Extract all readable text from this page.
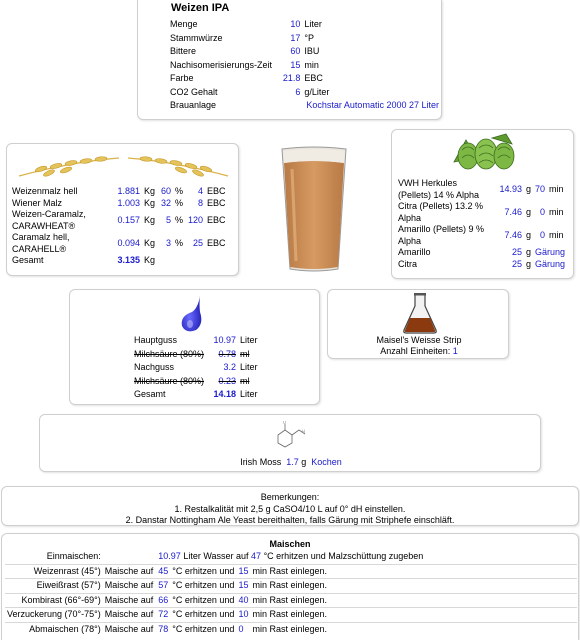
Weizen IPA
Menge	10	Liter
Stammwürze	17	°P
Bittere	60	IBU
Nachisomerisierungs-Zeit	15	min
Farbe	21.8	EBC
CO2 Gehalt	6	g/Liter
Brauanlage	Kochstar Automatic 2000 27 Liter	
Weizenmalz hell	1.881	Kg	60	%	4	EBC
Wiener Malz	1.003	Kg	32	%	8	EBC
Weizen-Caramalz, CARAWHEAT®	0.157	Kg	5	%	120	EBC
Caramalz hell, CARAHELL®	0.094	Kg	3	%	25	EBC
Gesamt	3.135	Kg				
VWH Herkules (Pellets) 14 % Alpha	14.93	g	70	min
Citra (Pellets) 13.2 % Alpha	7.46	g	0	min
Amarillo (Pellets) 9 % Alpha	7.46	g	0	min
Amarillo	25	g	Gärung	
Citra	25	g	Gärung	
Hauptguss	10.97	Liter
Milchsäure (80%)	0.78	ml
Nachguss	3.2	Liter
Milchsäure (80%)	0.23	ml
Gesamt	14.18	Liter
Maisel's Weisse Strip
Anzahl Einheiten: 1
O
H
Irish Moss 1.7 g Kochen
Bemerkungen:
1. Restalkalität mit 2,5 g CaSO4/10 L auf 0° dH einstellen.
2. Danstar Nottingham Ale Yeast bereithalten, falls Gärung mit Striphefe einschläft.
Maischen
Einmaischen:		10.97 Liter Wasser auf 47 °C erhitzen und Malzschüttung zugeben				
Weizenrast (45°)	Maische auf	45	°C erhitzen und	15	min Rast einlegen.	
Eiweißrast (57°)	Maische auf	57	°C erhitzen und	15	min Rast einlegen.	
Kombirast (66°-69°)	Maische auf	66	°C erhitzen und	40	min Rast einlegen.	
Verzuckerung (70°-75°)	Maische auf	72	°C erhitzen und	10	min Rast einlegen.	
Abmaischen (78°)	Maische auf	78	°C erhitzen und	0	min Rast einlegen.	
